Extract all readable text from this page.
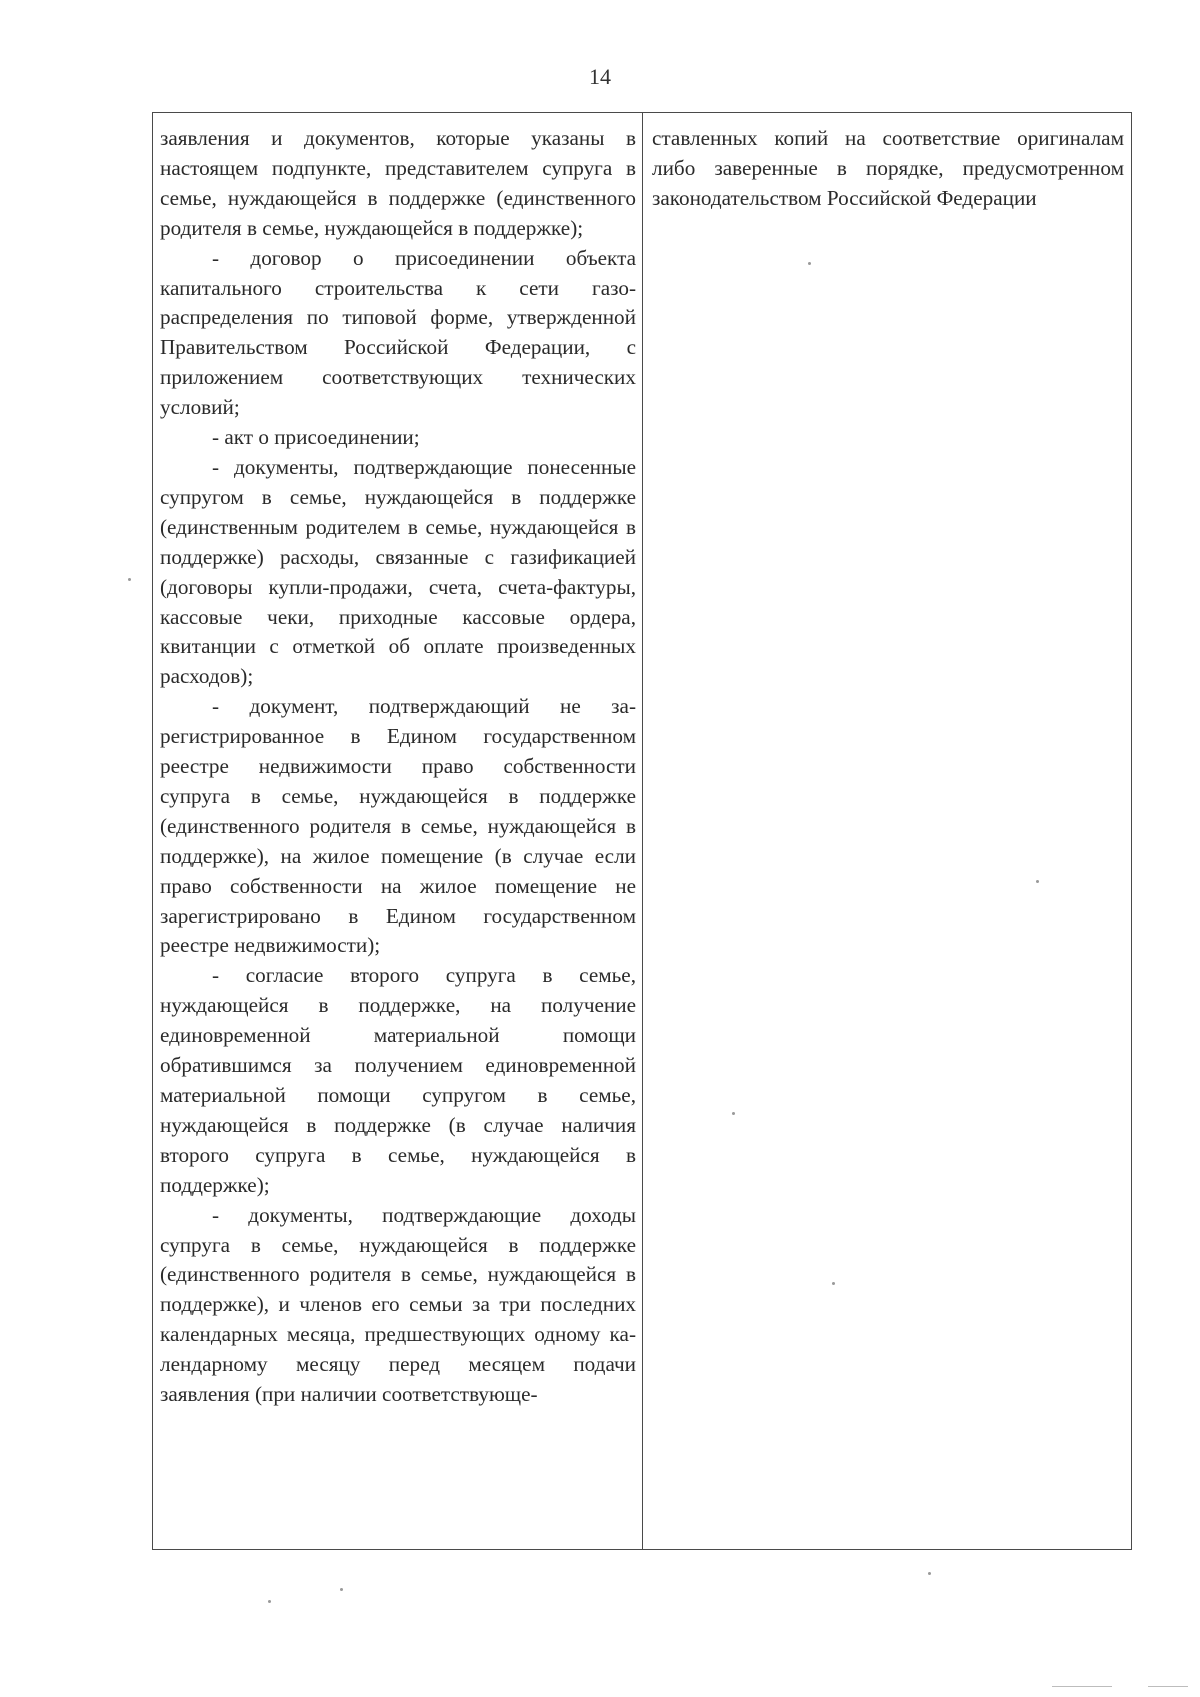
14

заявления и документов, которые указаны в настоящем подпункте, представителем супруга в семье, нуждающейся в поддержке (единственного родителя в семье, нуждающейся в поддержке);

- договор о присоединении объекта капитального строительства к сети газораспределения по типовой форме, утвержденной Правительством Российской Федерации, с приложением соответствующих технических условий;

- акт о присоединении;

- документы, подтверждающие понесенные супругом в семье, нуждающейся в поддержке (единственным родителем в семье, нуждающейся в поддержке) расходы, связанные с газификацией (договоры купли-продажи, счета, счета-фактуры, кассовые чеки, приходные кассовые ордера, квитанции с отметкой об оплате произведенных расходов);

- документ, подтверждающий не зарегистрированное в Едином государственном реестре недвижимости право собственности супруга в семье, нуждающейся в поддержке (единственного родителя в семье, нуждающейся в поддержке), на жилое помещение (в случае если право собственности на жилое помещение не зарегистрировано в Едином государственном реестре недвижимости);

- согласие второго супруга в семье, нуждающейся в поддержке, на получение единовременной материальной помощи обратившимся за получением единовременной материальной помощи супругом в семье, нуждающейся в поддержке (в случае наличия второго супруга в семье, нуждающейся в поддержке);

- документы, подтверждающие доходы супруга в семье, нуждающейся в поддержке (единственного родителя в семье, нуждающейся в поддержке), и членов его семьи за три последних календарных месяца, предшествующих одному календарному месяцу перед месяцем подачи заявления (при наличии соответствующе-

ставленных копий на соответствие оригиналам либо заверенные в порядке, предусмотренном законодательством Российской Федерации
